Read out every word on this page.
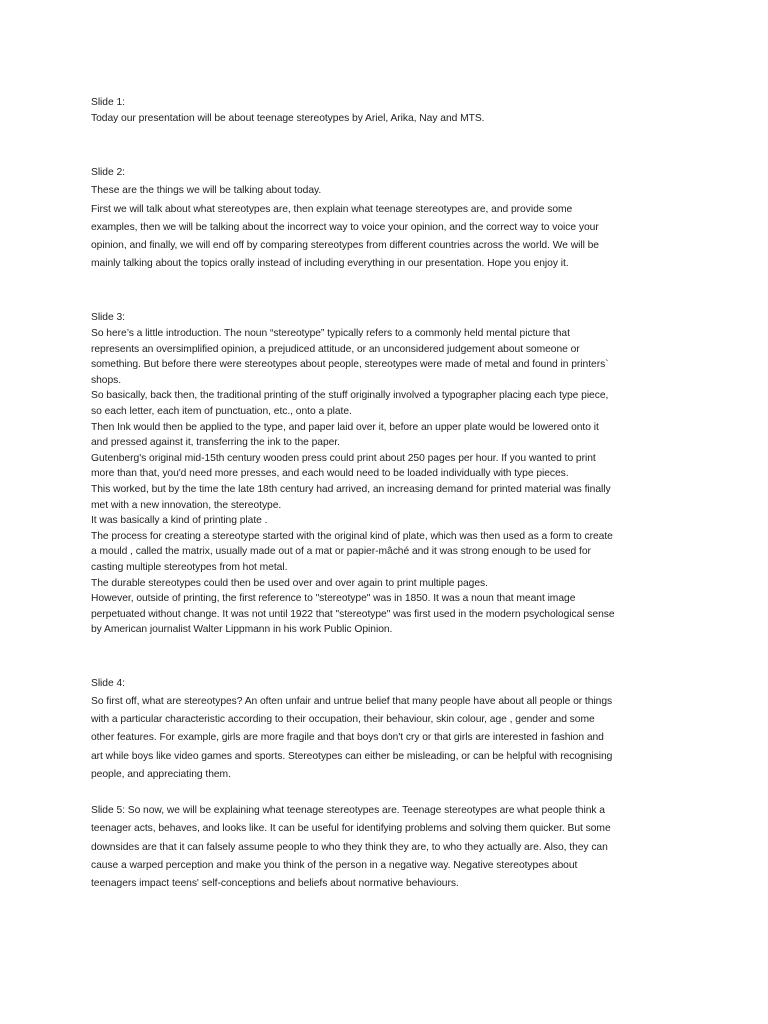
Slide 1:
Today our presentation will be about teenage stereotypes by Ariel, Arika, Nay and MTS.
Slide 2:
These are the things we will be talking about today.
First we will talk about what stereotypes are, then explain what teenage stereotypes are, and provide some
examples, then we will be talking about the incorrect way to voice your opinion, and the correct way to voice your
opinion, and finally, we will end off by comparing stereotypes from different countries across the world. We will be
mainly talking about the topics orally instead of including everything in our presentation. Hope you enjoy it.
Slide 3:
So here’s a little introduction. The noun “stereotype” typically refers to a commonly held mental picture that
represents an oversimplified opinion, a prejudiced attitude, or an unconsidered judgement about someone or
something. But before there were stereotypes about people, stereotypes were made of metal and found in printers`
shops.
So basically, back then, the traditional printing of the stuff originally involved a typographer placing each type piece,
so each letter, each item of punctuation, etc., onto a plate.
Then Ink would then be applied to the type, and paper laid over it, before an upper plate would be lowered onto it
and pressed against it, transferring the ink to the paper.
Gutenberg's original mid-15th century wooden press could print about 250 pages per hour. If you wanted to print
more than that, you'd need more presses, and each would need to be loaded individually with type pieces.
This worked, but by the time the late 18th century had arrived, an increasing demand for printed material was finally
met with a new innovation, the stereotype.
It was basically a kind of printing plate .
The process for creating a stereotype started with the original kind of plate, which was then used as a form to create
a mould , called the matrix, usually made out of a mat or papier-mâché and it was strong enough to be used for
casting multiple stereotypes from hot metal.
The durable stereotypes could then be used over and over again to print multiple pages.
However, outside of printing, the first reference to "stereotype" was in 1850. It was a noun that meant image
perpetuated without change. It was not until 1922 that "stereotype" was first used in the modern psychological sense
by American journalist Walter Lippmann in his work Public Opinion.
Slide 4:
So first off, what are stereotypes? An often unfair and untrue belief that many people have about all people or things
with a particular characteristic according to their occupation, their behaviour, skin colour, age , gender and some
other features. For example, girls are more fragile and that boys don't cry or that girls are interested in fashion and
art while boys like video games and sports. Stereotypes can either be misleading, or can be helpful with recognising
people, and appreciating them.
Slide 5: So now, we will be explaining what teenage stereotypes are. Teenage stereotypes are what people think a
teenager acts, behaves, and looks like. It can be useful for identifying problems and solving them quicker. But some
downsides are that it can falsely assume people to who they think they are, to who they actually are. Also, they can
cause a warped perception and make you think of the person in a negative way. Negative stereotypes about
teenagers impact teens' self-conceptions and beliefs about normative behaviours.
